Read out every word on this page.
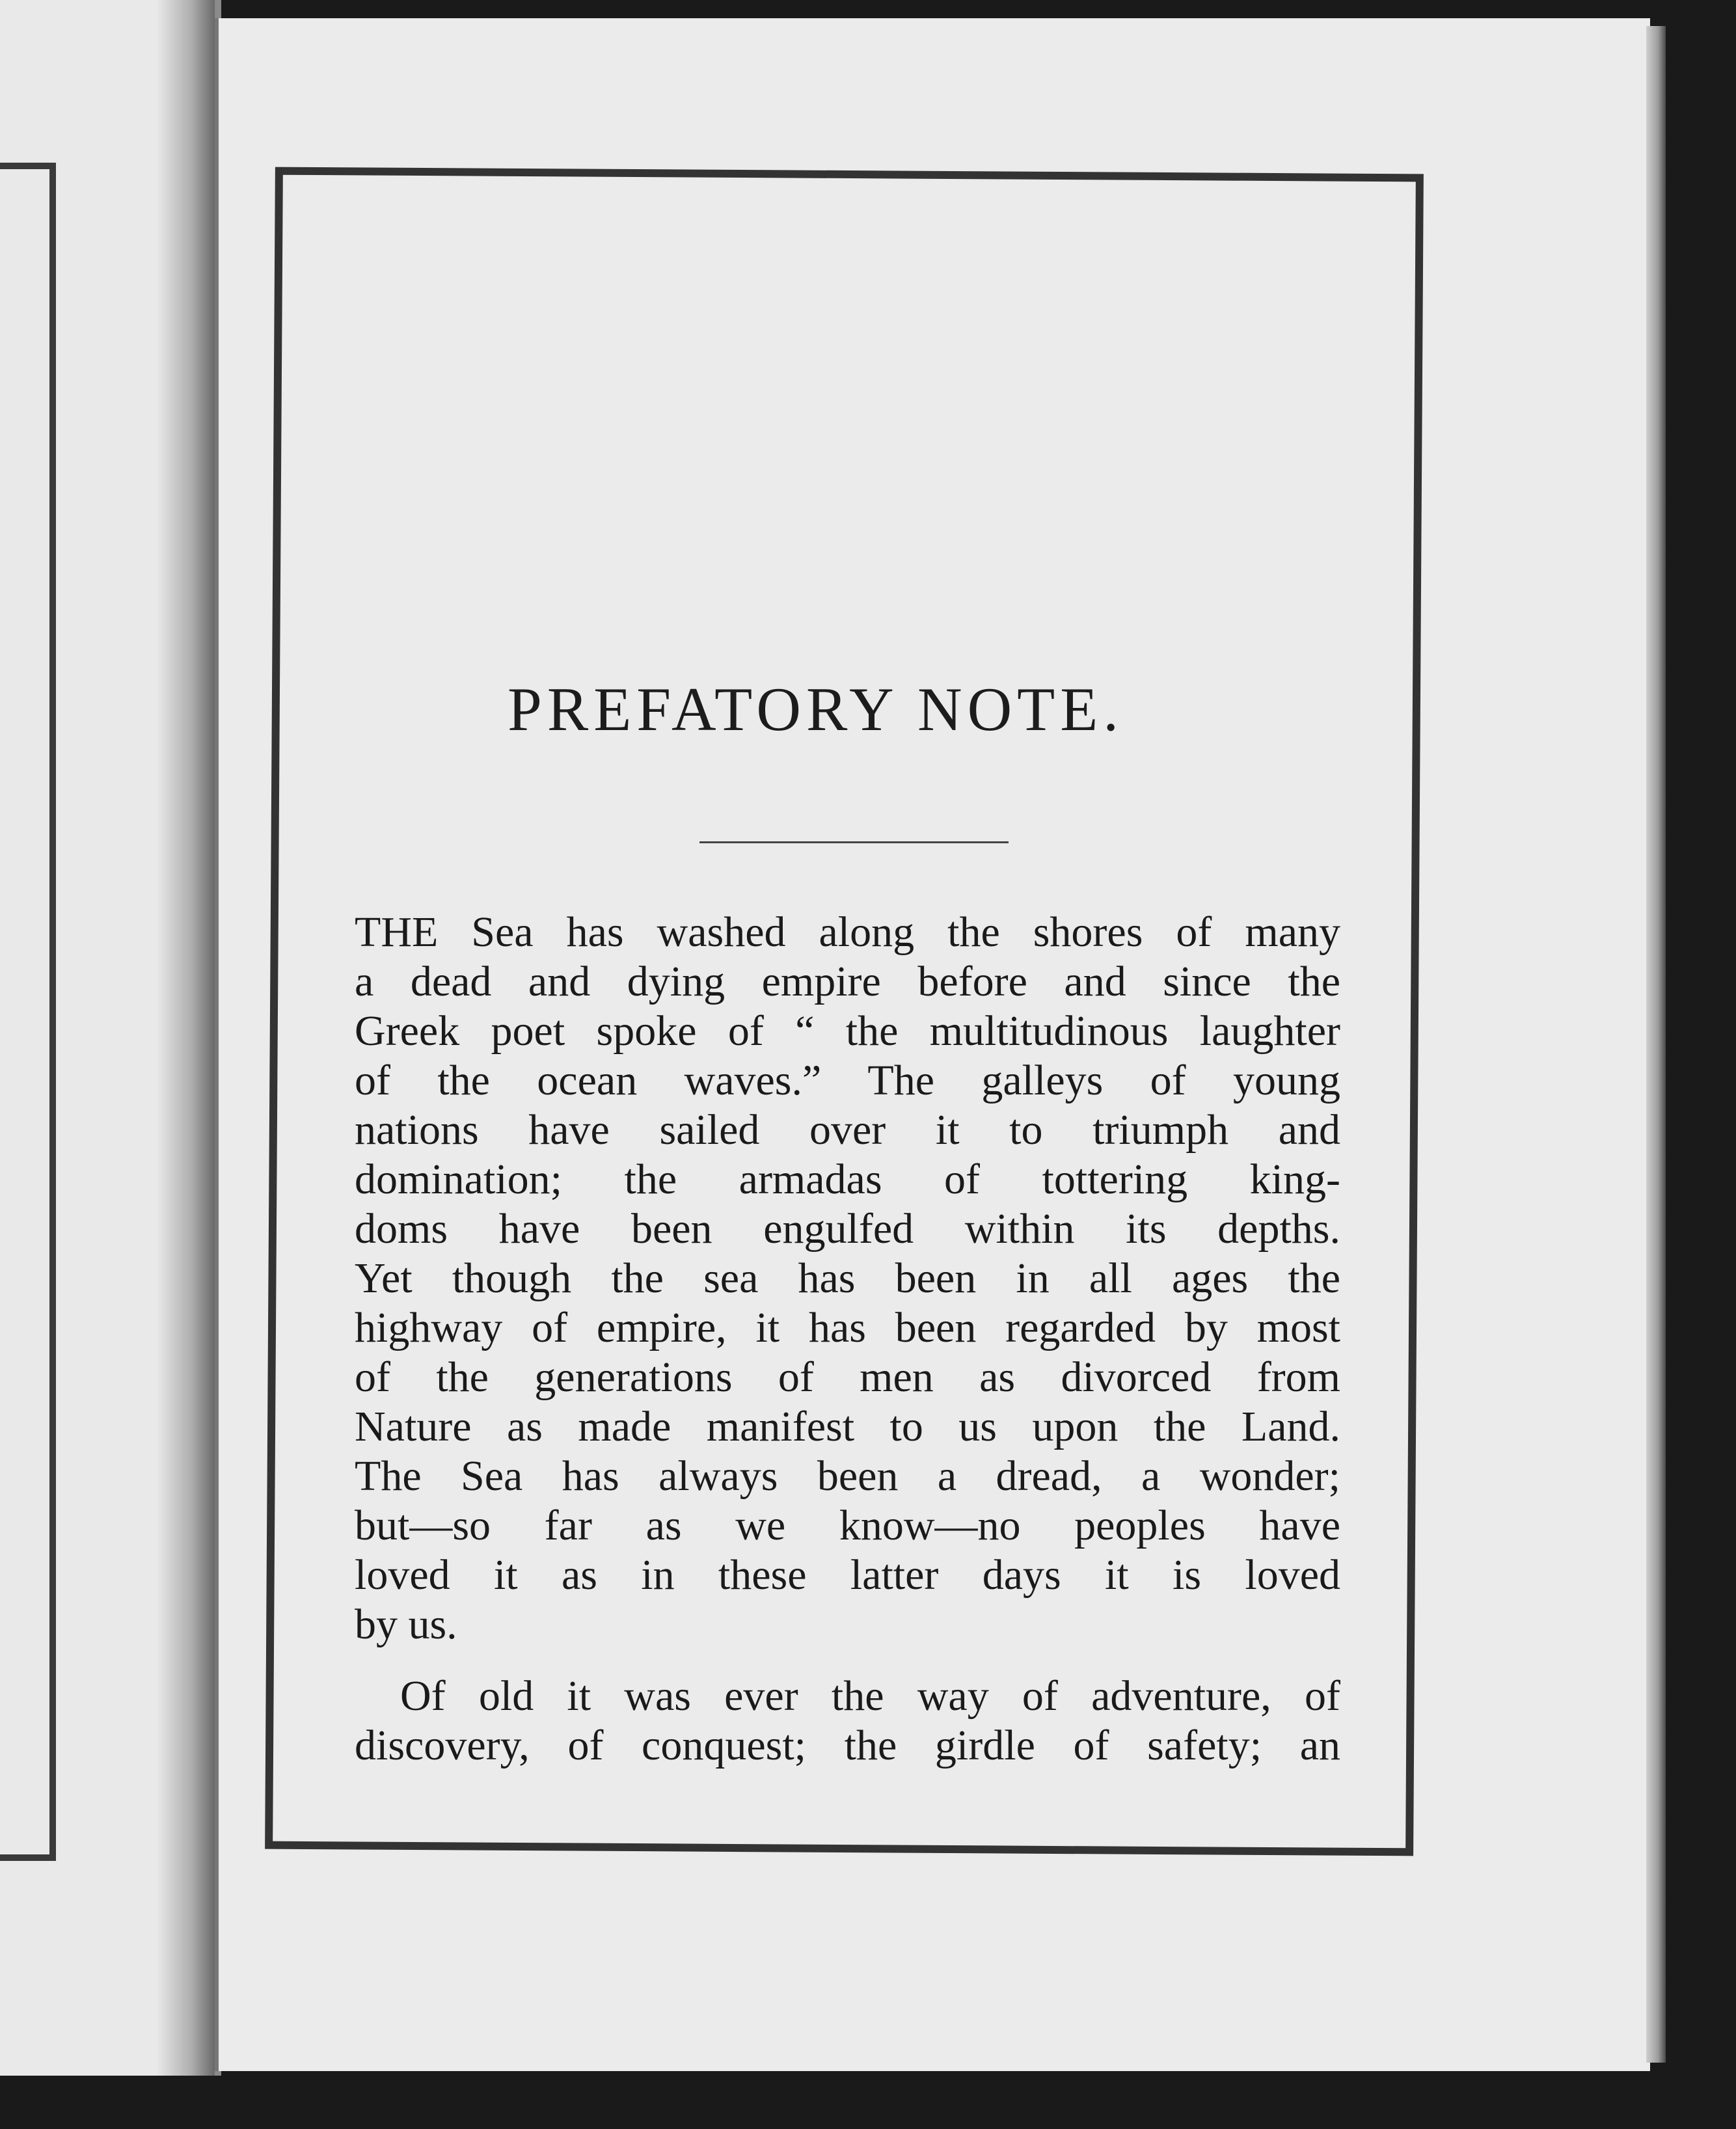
PREFATORY NOTE.
THE Sea has washed along the shores of many
a dead and dying empire before and since the
Greek poet spoke of “ the multitudinous laughter
of the ocean waves.” The galleys of young
nations have sailed over it to triumph and
domination; the armadas of tottering king-
doms have been engulfed within its depths.
Yet though the sea has been in all ages the
highway of empire, it has been regarded by most
of the generations of men as divorced from
Nature as made manifest to us upon the Land.
The Sea has always been a dread, a wonder;
but—so far as we know—no peoples have
loved it as in these latter days it is loved
by us.
Of old it was ever the way of adventure, of
discovery, of conquest; the girdle of safety; an
